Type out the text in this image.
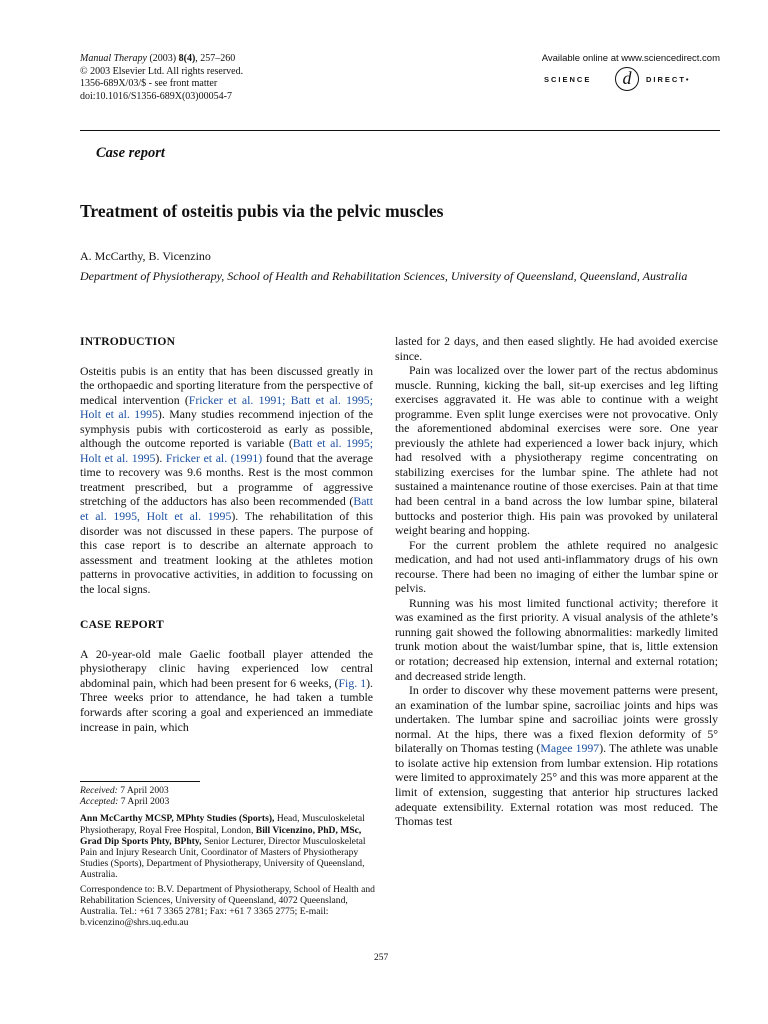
Manual Therapy (2003) 8(4), 257–260
© 2003 Elsevier Ltd. All rights reserved.
1356-689X/03/$ - see front matter
doi:10.1016/S1356-689X(03)00054-7
Available online at www.sciencedirect.com
SCIENCE	d	DIRECT•
Case report
Treatment of osteitis pubis via the pelvic muscles
A. McCarthy, B. Vicenzino
Department of Physiotherapy, School of Health and Rehabilitation Sciences, University of Queensland, Queensland, Australia

INTRODUCTION

Osteitis pubis is an entity that has been discussed greatly in the orthopaedic and sporting literature from the perspective of medical intervention (Fricker et al. 1991; Batt et al. 1995; Holt et al. 1995). Many studies recommend injection of the symphysis pubis with corticosteroid as early as possible, although the outcome reported is variable (Batt et al. 1995; Holt et al. 1995). Fricker et al. (1991) found that the average time to recovery was 9.6 months. Rest is the most common treatment prescribed, but a programme of aggressive stretching of the adductors has also been recommended (Batt et al. 1995, Holt et al. 1995). The rehabilitation of this disorder was not discussed in these papers. The purpose of this case report is to describe an alternate approach to assessment and treatment looking at the athletes motion patterns in provocative activities, in addition to focussing on the local signs.

CASE REPORT

A 20-year-old male Gaelic football player attended the physiotherapy clinic having experienced low central abdominal pain, which had been present for 6 weeks, (Fig. 1). Three weeks prior to attendance, he had taken a tumble forwards after scoring a goal and experienced an immediate increase in pain, which

lasted for 2 days, and then eased slightly. He had avoided exercise since.

Pain was localized over the lower part of the rectus abdominus muscle. Running, kicking the ball, sit-up exercises and leg lifting exercises aggravated it. He was able to continue with a weight programme. Even split lunge exercises were not provocative. Only the aforementioned abdominal exercises were sore. One year previously the athlete had experienced a lower back injury, which had resolved with a physiotherapy regime concentrating on stabilizing exercises for the lumbar spine. The athlete had not sustained a maintenance routine of those exercises. Pain at that time had been central in a band across the low lumbar spine, bilateral buttocks and posterior thigh. His pain was provoked by unilateral weight bearing and hopping.

For the current problem the athlete required no analgesic medication, and had not used anti-inflammatory drugs of his own recourse. There had been no imaging of either the lumbar spine or pelvis.

Running was his most limited functional activity; therefore it was examined as the first priority. A visual analysis of the athlete’s running gait showed the following abnormalities: markedly limited trunk motion about the waist/lumbar spine, that is, little extension or rotation; decreased hip extension, internal and external rotation; and decreased stride length.

In order to discover why these movement patterns were present, an examination of the lumbar spine, sacroiliac joints and hips was undertaken. The lumbar spine and sacroiliac joints were grossly normal. At the hips, there was a fixed flexion deformity of 5° bilaterally on Thomas testing (Magee 1997). The athlete was unable to isolate active hip extension from lumbar extension. Hip rotations were limited to approximately 25° and this was more apparent at the limit of extension, suggesting that anterior hip structures lacked adequate extensibility. External rotation was most reduced. The Thomas test

Received: 7 April 2003

Accepted: 7 April 2003

Ann McCarthy MCSP, MPhty Studies (Sports), Head, Musculoskeletal Physiotherapy, Royal Free Hospital, London, Bill Vicenzino, PhD, MSc, Grad Dip Sports Phty, BPhty, Senior Lecturer, Director Musculoskeletal Pain and Injury Research Unit, Coordinator of Masters of Physiotherapy Studies (Sports), Department of Physiotherapy, University of Queensland, Australia.

Correspondence to: B.V. Department of Physiotherapy, School of Health and Rehabilitation Sciences, University of Queensland, 4072 Queensland, Australia. Tel.: +61 7 3365 2781; Fax: +61 7 3365 2775; E-mail: b.vicenzino@shrs.uq.edu.au

257
